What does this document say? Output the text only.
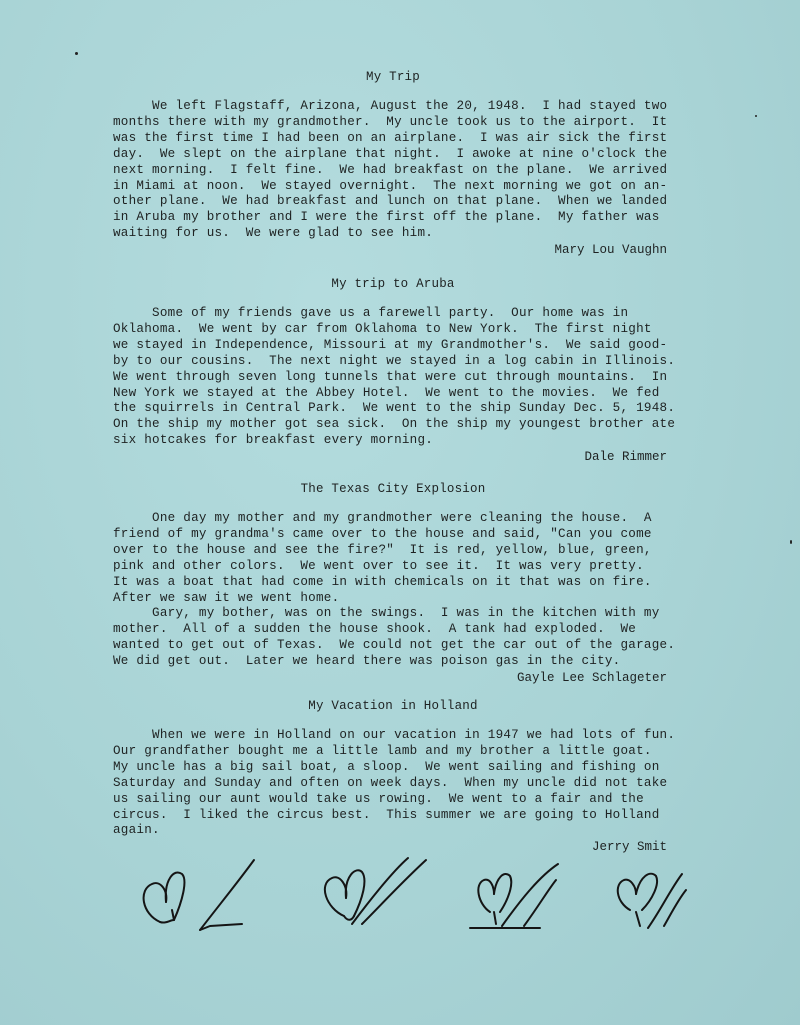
My Trip
We left Flagstaff, Arizona, August the 20, 1948.  I had stayed two
months there with my grandmother.  My uncle took us to the airport.  It
was the first time I had been on an airplane.  I was air sick the first
day.  We slept on the airplane that night.  I awoke at nine o'clock the
next morning.  I felt fine.  We had breakfast on the plane.  We arrived
in Miami at noon.  We stayed overnight.  The next morning we got on an-
other plane.  We had breakfast and lunch on that plane.  When we landed
in Aruba my brother and I were the first off the plane.  My father was
waiting for us.  We were glad to see him.
Mary Lou Vaughn
My trip to Aruba
Some of my friends gave us a farewell party.  Our home was in
Oklahoma.  We went by car from Oklahoma to New York.  The first night
we stayed in Independence, Missouri at my Grandmother's.  We said good-
by to our cousins.  The next night we stayed in a log cabin in Illinois.
We went through seven long tunnels that were cut through mountains.  In
New York we stayed at the Abbey Hotel.  We went to the movies.  We fed
the squirrels in Central Park.  We went to the ship Sunday Dec. 5, 1948.
On the ship my mother got sea sick.  On the ship my youngest brother ate
six hotcakes for breakfast every morning.
Dale Rimmer
The Texas City Explosion
One day my mother and my grandmother were cleaning the house.  A
friend of my grandma's came over to the house and said, "Can you come
over to the house and see the fire?"  It is red, yellow, blue, green,
pink and other colors.  We went over to see it.  It was very pretty.
It was a boat that had come in with chemicals on it that was on fire.
After we saw it we went home.
Gary, my bother, was on the swings.  I was in the kitchen with my
mother.  All of a sudden the house shook.  A tank had exploded.  We
wanted to get out of Texas.  We could not get the car out of the garage.
We did get out.  Later we heard there was poison gas in the city.
Gayle Lee Schlageter
My Vacation in Holland
When we were in Holland on our vacation in 1947 we had lots of fun.
Our grandfather bought me a little lamb and my brother a little goat.
My uncle has a big sail boat, a sloop.  We went sailing and fishing on
Saturday and Sunday and often on week days.  When my uncle did not take
us sailing our aunt would take us rowing.  We went to a fair and the
circus.  I liked the circus best.  This summer we are going to Holland
again.
Jerry Smit
